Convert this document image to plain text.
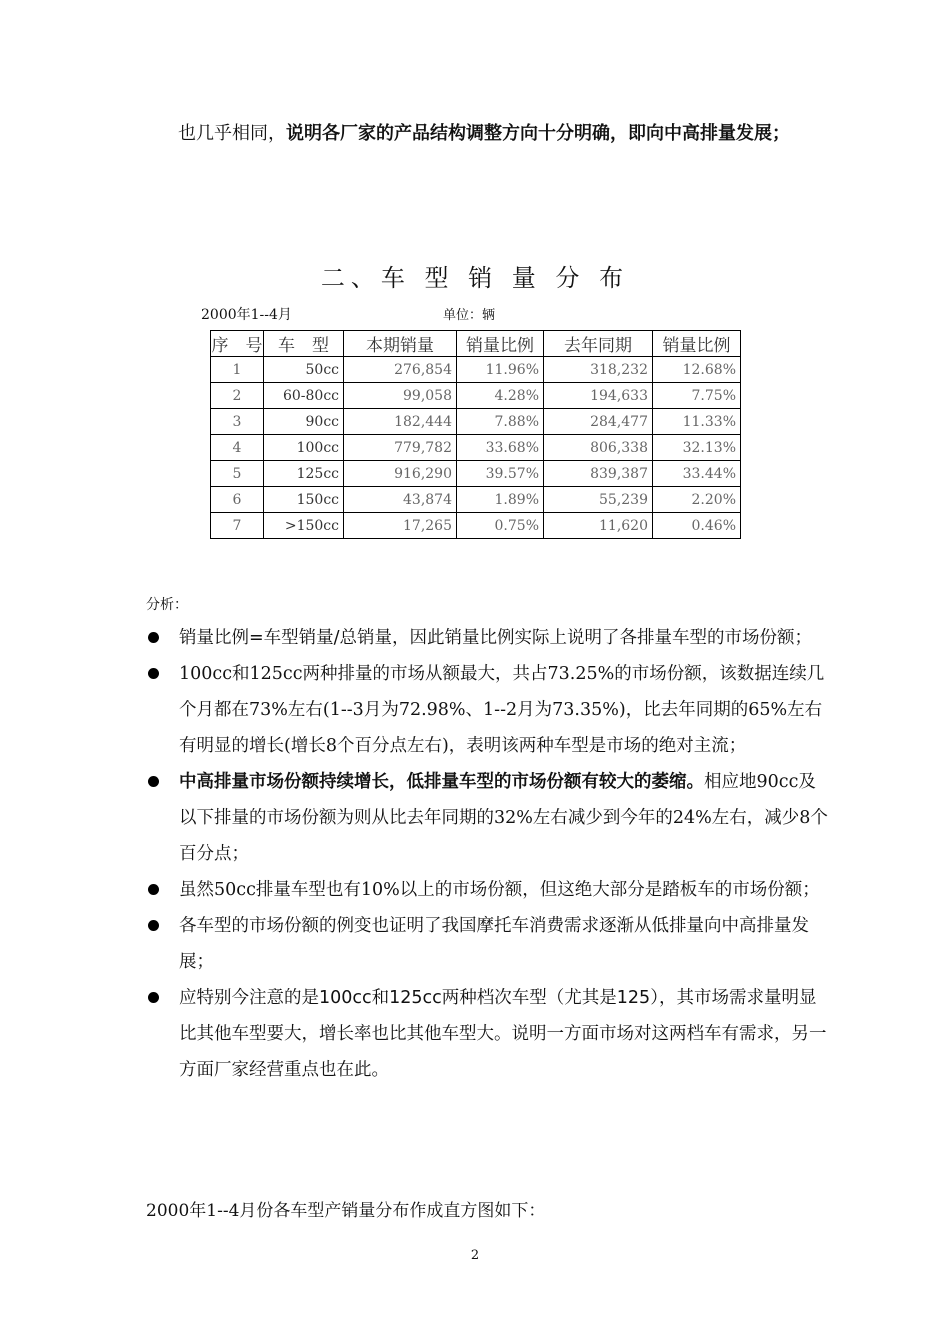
也几乎相同，说明各厂家的产品结构调整方向十分明确，即向中高排量发展；
二、车 型 销 量 分 布
2000年1--4月	单位：辆
序　号	车　型	本期销量	销量比例	去年同期	销量比例
1	50cc	276,854	11.96%	318,232	12.68%
2	60-80cc	99,058	4.28%	194,633	7.75%
3	90cc	182,444	7.88%	284,477	11.33%
4	100cc	779,782	33.68%	806,338	32.13%
5	125cc	916,290	39.57%	839,387	33.44%
6	150cc	43,874	1.89%	55,239	2.20%
7	>150cc	17,265	0.75%	11,620	0.46%
分析：
销量比例=车型销量/总销量，因此销量比例实际上说明了各排量车型的市场份额；
100cc和125cc两种排量的市场从额最大，共占73.25%的市场份额，该数据连续几个月都在73%左右(1--3月为72.98%、1--2月为73.35%)，比去年同期的65%左右有明显的增长(增长8个百分点左右)，表明该两种车型是市场的绝对主流；
中高排量市场份额持续增长，低排量车型的市场份额有较大的萎缩。相应地90cc及以下排量的市场份额为则从比去年同期的32%左右减少到今年的24%左右，减少8个百分点；
虽然50cc排量车型也有10%以上的市场份额，但这绝大部分是踏板车的市场份额；
各车型的市场份额的例变也证明了我国摩托车消费需求逐渐从低排量向中高排量发展；
应特别今注意的是100cc和125cc两种档次车型（尤其是125），其市场需求量明显比其他车型要大，增长率也比其他车型大。说明一方面市场对这两档车有需求，另一方面厂家经营重点也在此。
2000年1--4月份各车型产销量分布作成直方图如下：
2
